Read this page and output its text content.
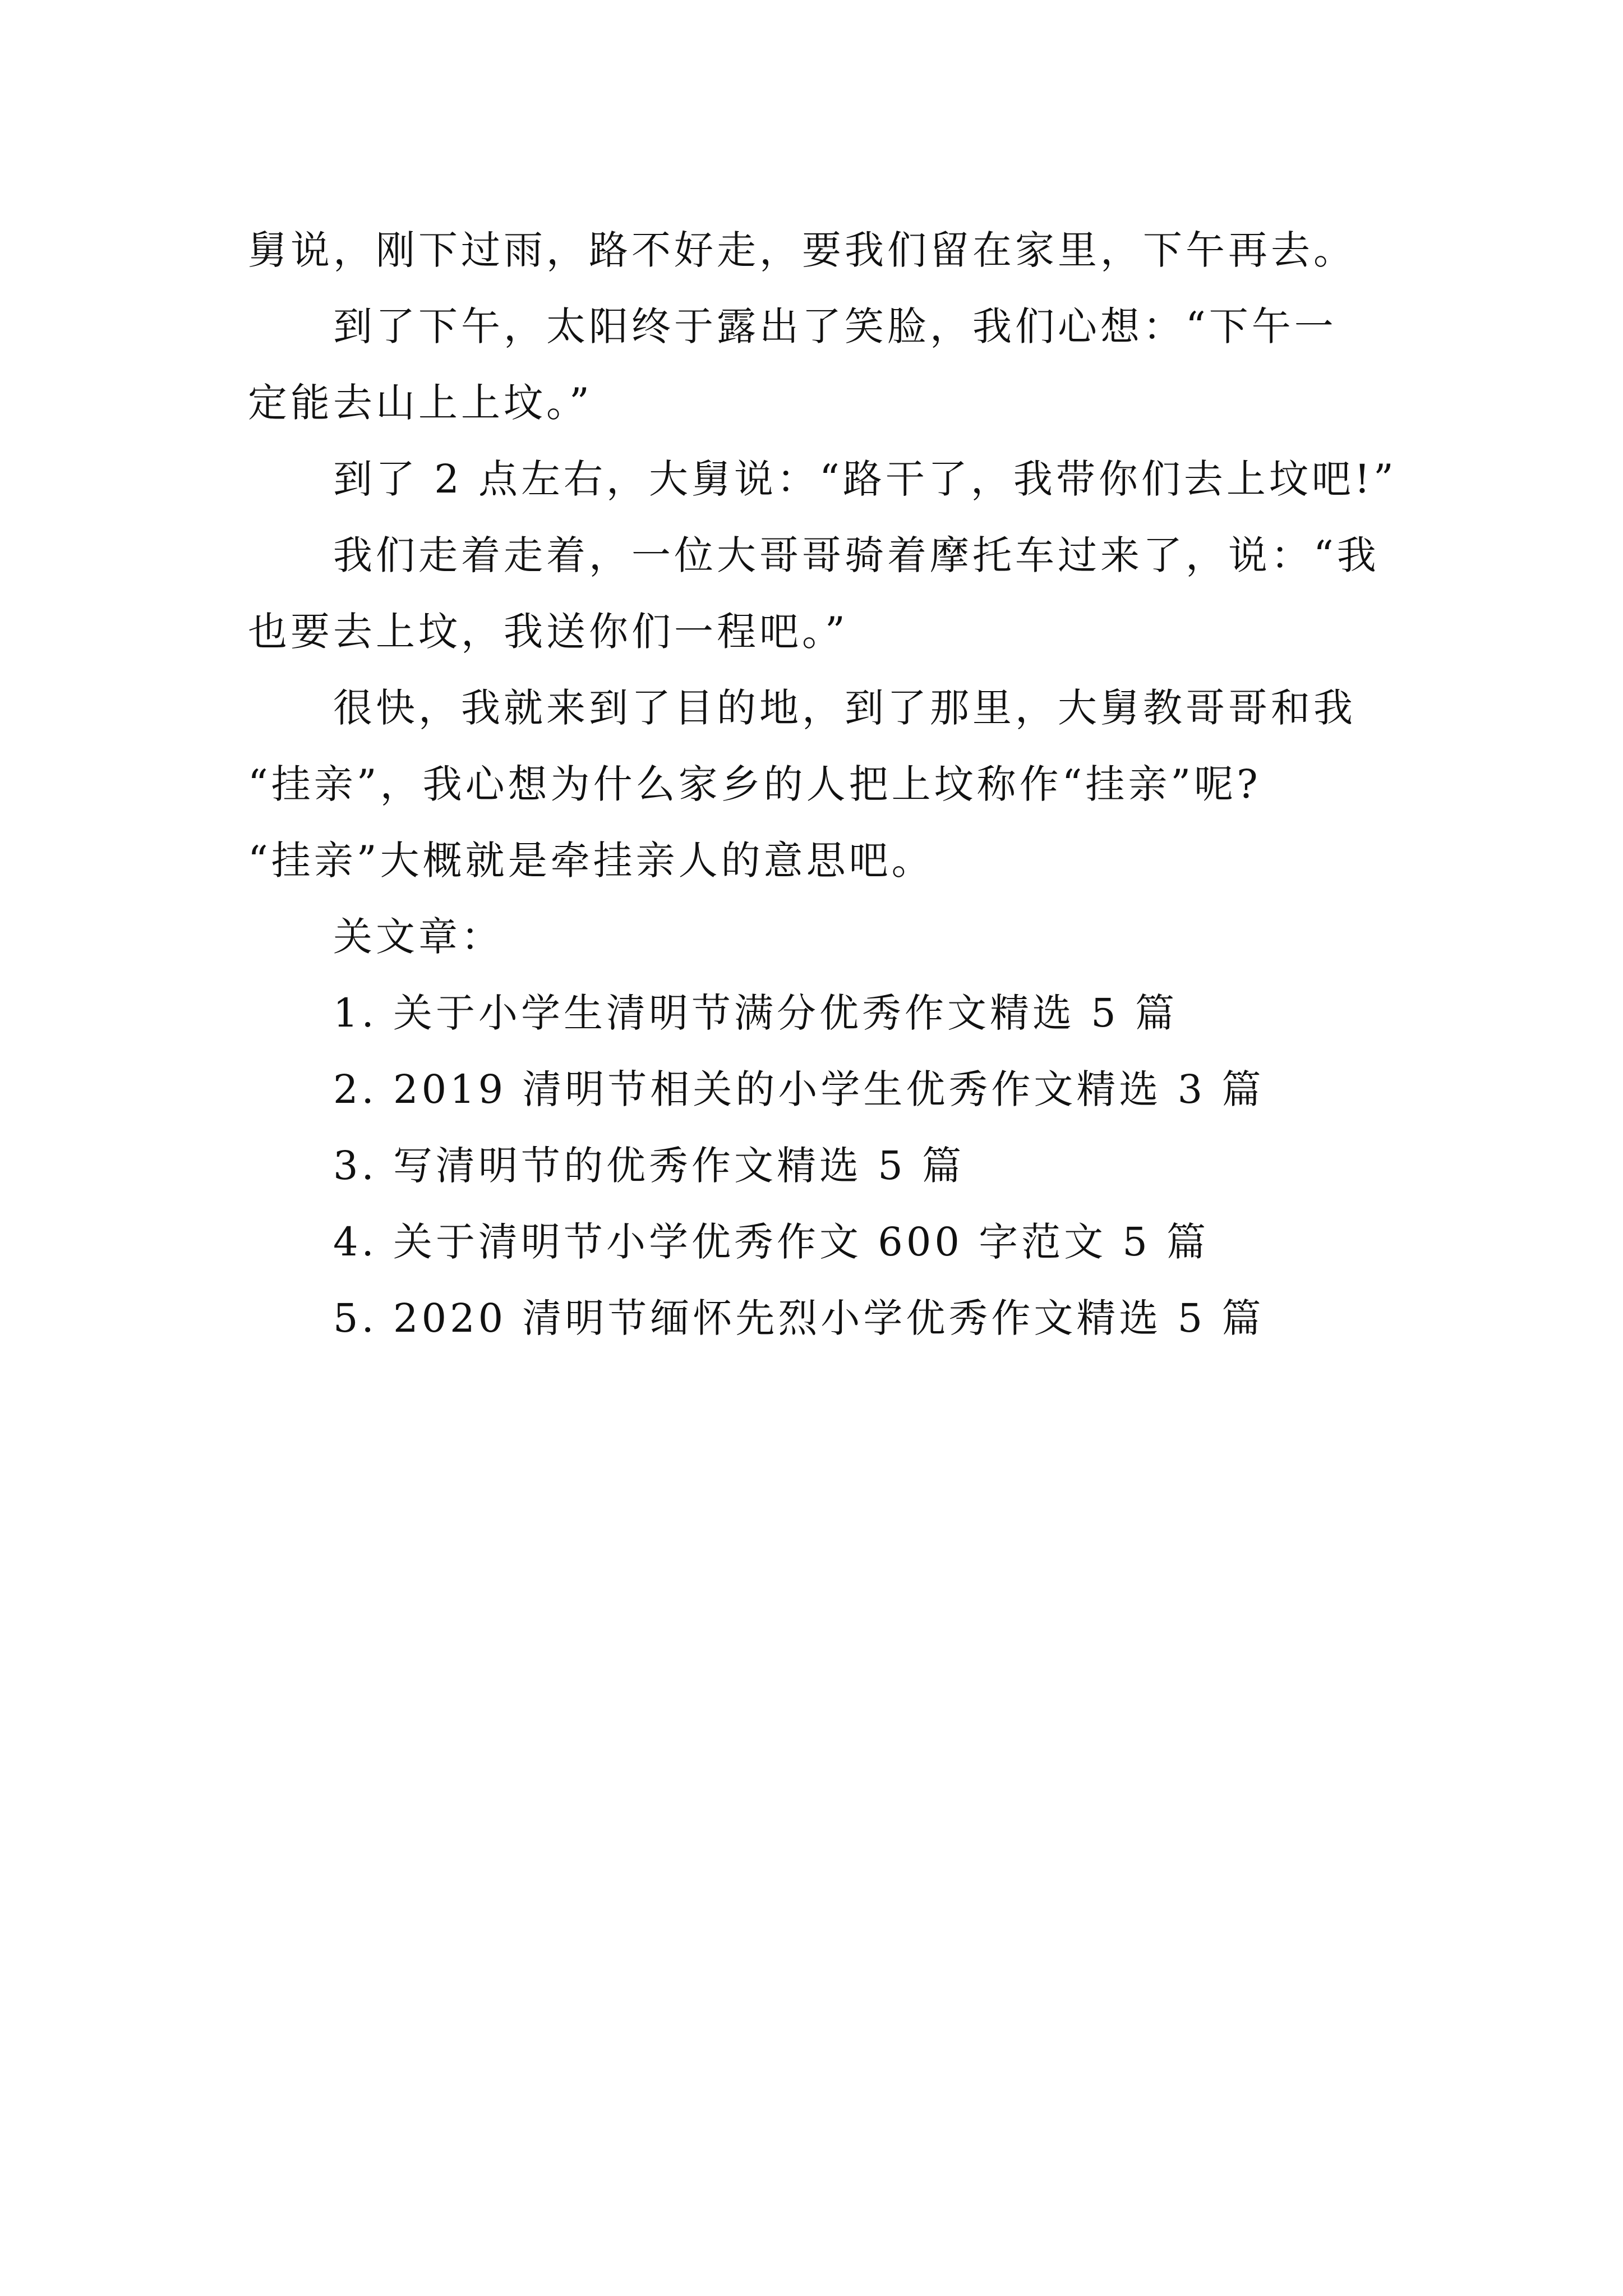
舅说，刚下过雨，路不好走，要我们留在家里，下午再去。
到了下午，太阳终于露出了笑脸，我们心想：“下午一
定能去山上上坟。”
到了 2 点左右，大舅说：“路干了，我带你们去上坟吧!”
我们走着走着，一位大哥哥骑着摩托车过来了，说：“我
也要去上坟，我送你们一程吧。”
很快，我就来到了目的地，到了那里，大舅教哥哥和我
“挂亲”，我心想为什么家乡的人把上坟称作“挂亲”呢?
“挂亲”大概就是牵挂亲人的意思吧。
关文章：
1. 关于小学生清明节满分优秀作文精选 5 篇
2. 2019 清明节相关的小学生优秀作文精选 3 篇
3. 写清明节的优秀作文精选 5 篇
4. 关于清明节小学优秀作文 600 字范文 5 篇
5. 2020 清明节缅怀先烈小学优秀作文精选 5 篇
